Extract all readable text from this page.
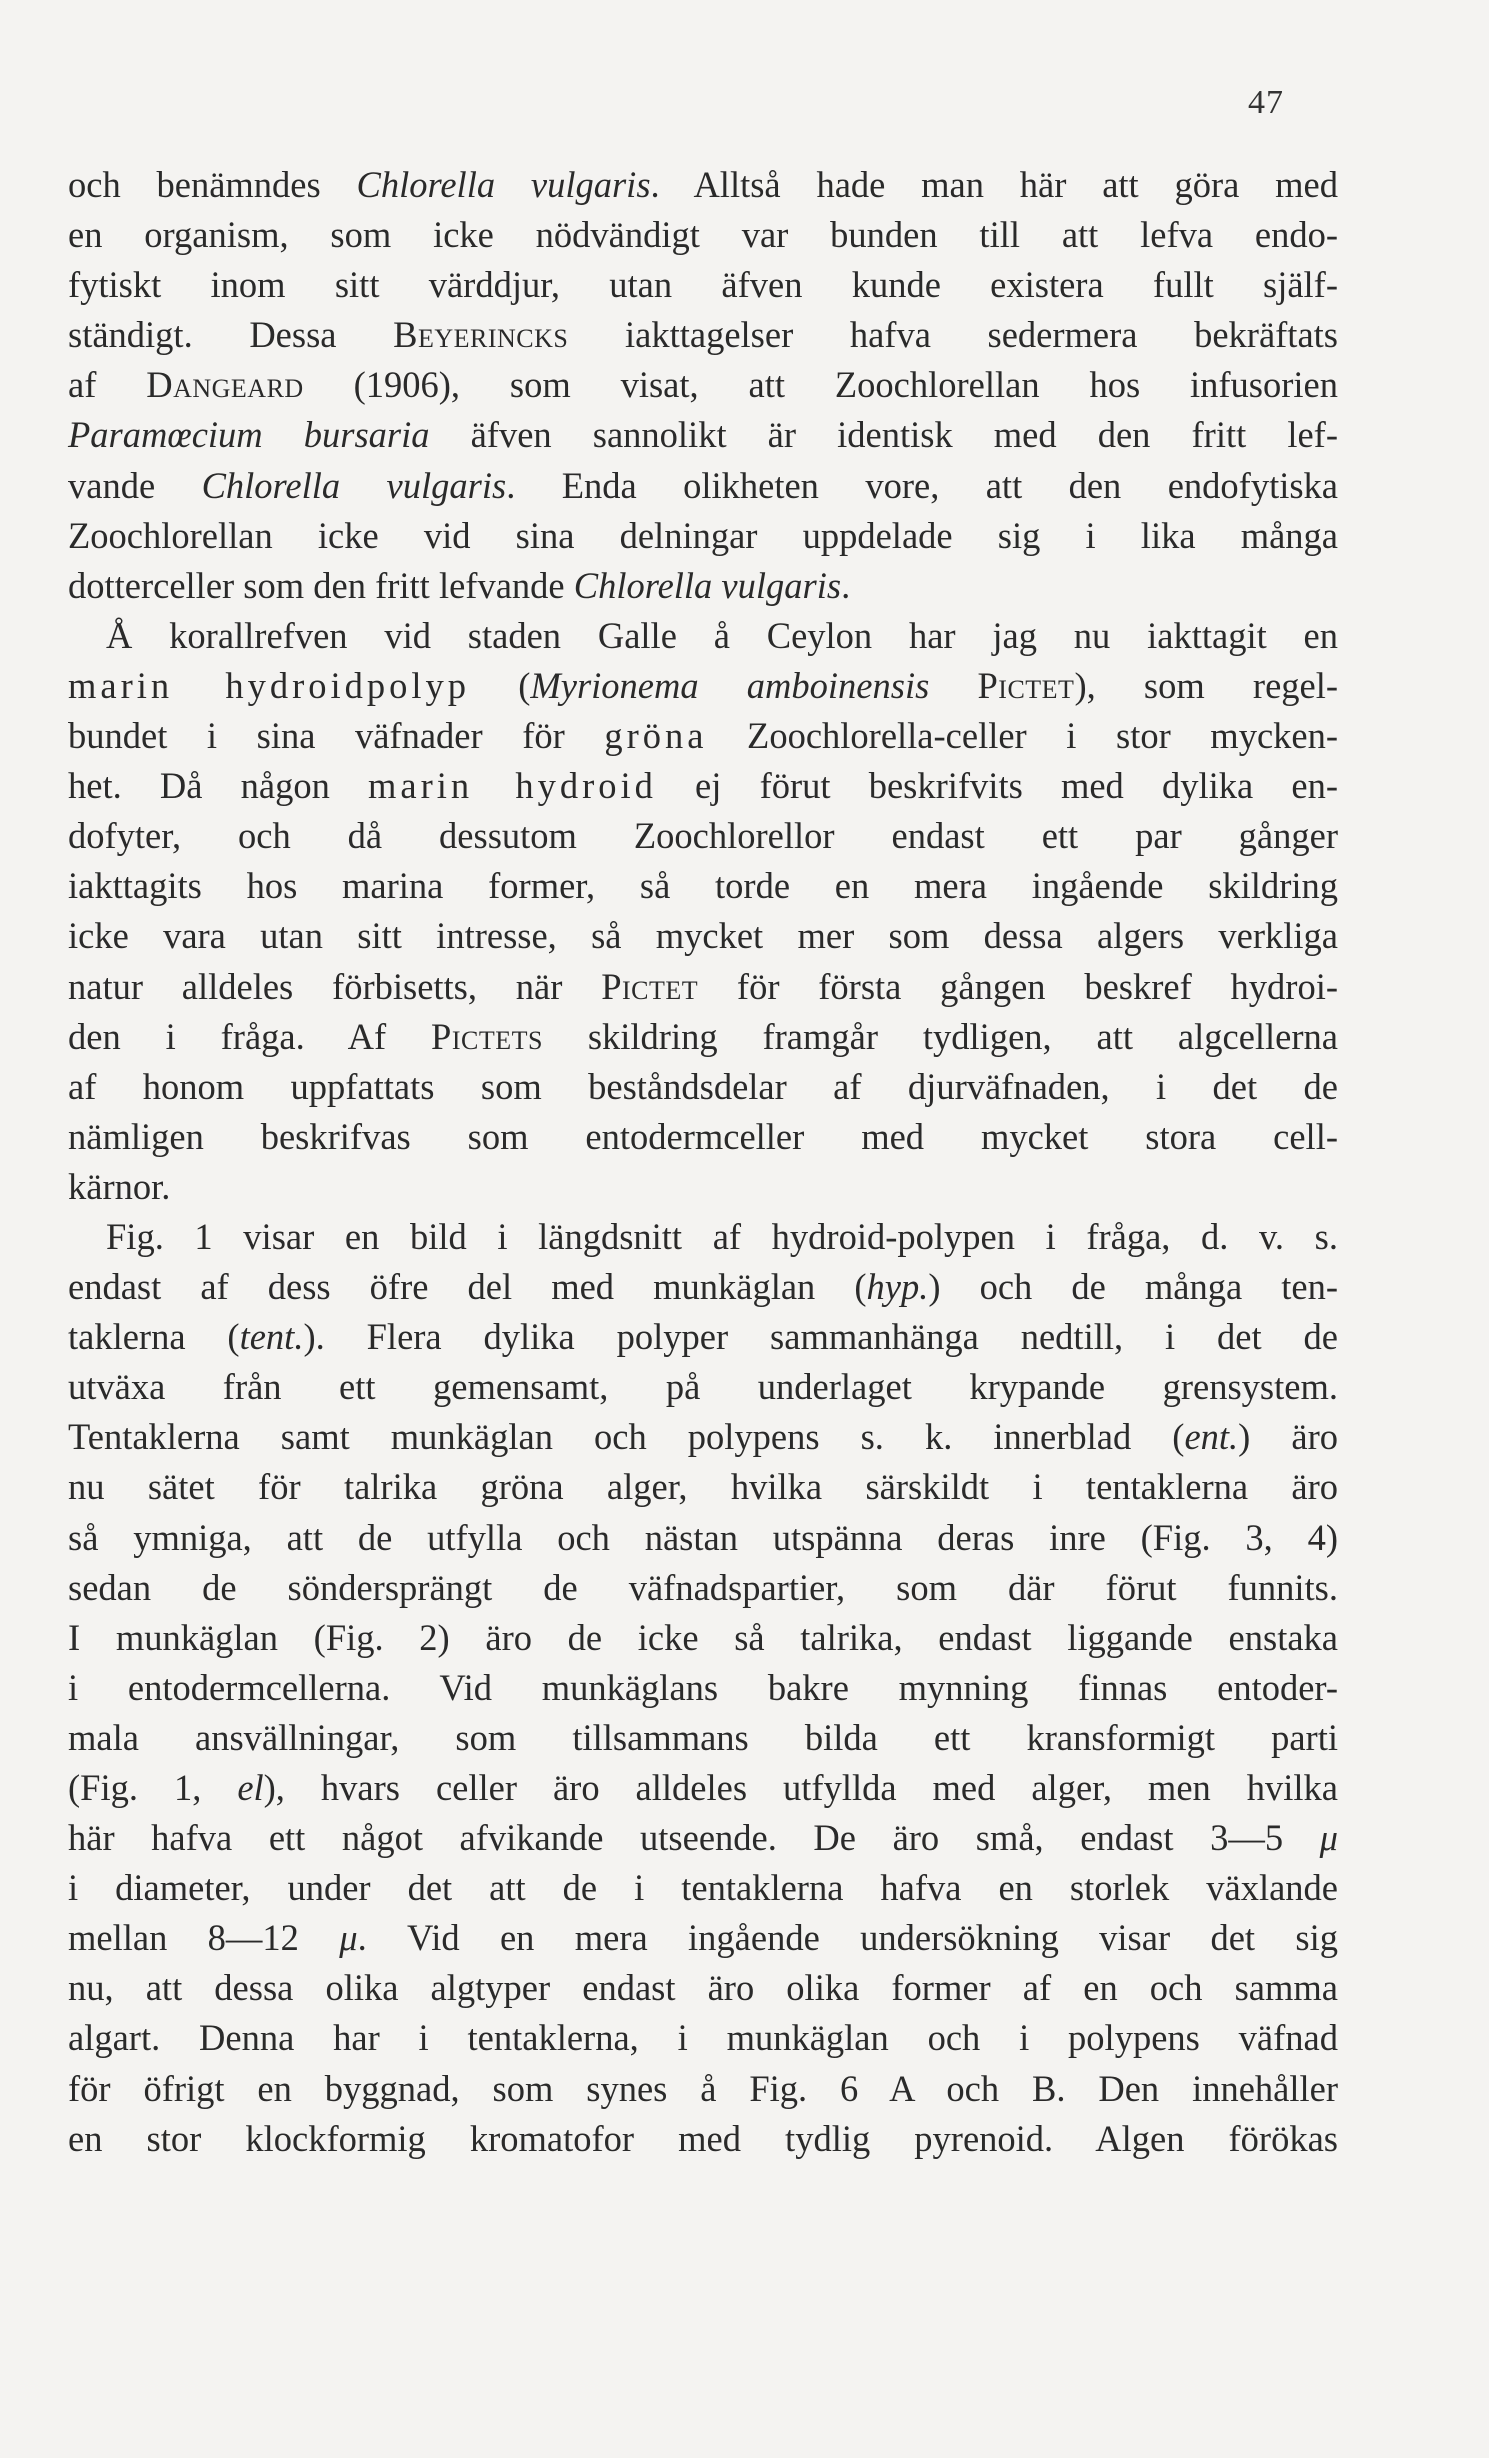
47
och benämndes Chlorella vulgaris. Alltså hade man här att göra med
en organism, som icke nödvändigt var bunden till att lefva endo-
fytiskt inom sitt värddjur, utan äfven kunde existera fullt själf-
ständigt. Dessa Beyerincks iakttagelser hafva sedermera bekräftats
af Dangeard (1906), som visat, att Zoochlorellan hos infusorien
Paramœcium bursaria äfven sannolikt är identisk med den fritt lef-
vande Chlorella vulgaris. Enda olikheten vore, att den endofytiska
Zoochlorellan icke vid sina delningar uppdelade sig i lika många
dotterceller som den fritt lefvande Chlorella vulgaris.
Å korallrefven vid staden Galle å Ceylon har jag nu iakttagit en
marin hydroidpolyp (Myrionema amboinensis Pictet), som regel-
bundet i sina väfnader för gröna Zoochlorella-celler i stor mycken-
het. Då någon marin hydroid ej förut beskrifvits med dylika en-
dofyter, och då dessutom Zoochlorellor endast ett par gånger
iakttagits hos marina former, så torde en mera ingående skildring
icke vara utan sitt intresse, så mycket mer som dessa algers verkliga
natur alldeles förbisetts, när Pictet för första gången beskref hydroi-
den i fråga. Af Pictets skildring framgår tydligen, att algcellerna
af honom uppfattats som beståndsdelar af djurväfnaden, i det de
nämligen beskrifvas som entodermceller med mycket stora cell-
kärnor.
Fig. 1 visar en bild i längdsnitt af hydroid-polypen i fråga, d. v. s.
endast af dess öfre del med munkäglan (hyp.) och de många ten-
taklerna (tent.). Flera dylika polyper sammanhänga nedtill, i det de
utväxa från ett gemensamt, på underlaget krypande grensystem.
Tentaklerna samt munkäglan och polypens s. k. innerblad (ent.) äro
nu sätet för talrika gröna alger, hvilka särskildt i tentaklerna äro
så ymniga, att de utfylla och nästan utspänna deras inre (Fig. 3, 4)
sedan de söndersprängt de väfnadspartier, som där förut funnits.
I munkäglan (Fig. 2) äro de icke så talrika, endast liggande enstaka
i entodermcellerna. Vid munkäglans bakre mynning finnas entoder-
mala ansvällningar, som tillsammans bilda ett kransformigt parti
(Fig. 1, el), hvars celler äro alldeles utfyllda med alger, men hvilka
här hafva ett något afvikande utseende. De äro små, endast 3—5 μ
i diameter, under det att de i tentaklerna hafva en storlek växlande
mellan 8—12 μ. Vid en mera ingående undersökning visar det sig
nu, att dessa olika algtyper endast äro olika former af en och samma
algart. Denna har i tentaklerna, i munkäglan och i polypens väfnad
för öfrigt en byggnad, som synes å Fig. 6 A och B. Den innehåller
en stor klockformig kromatofor med tydlig pyrenoid. Algen förökas
